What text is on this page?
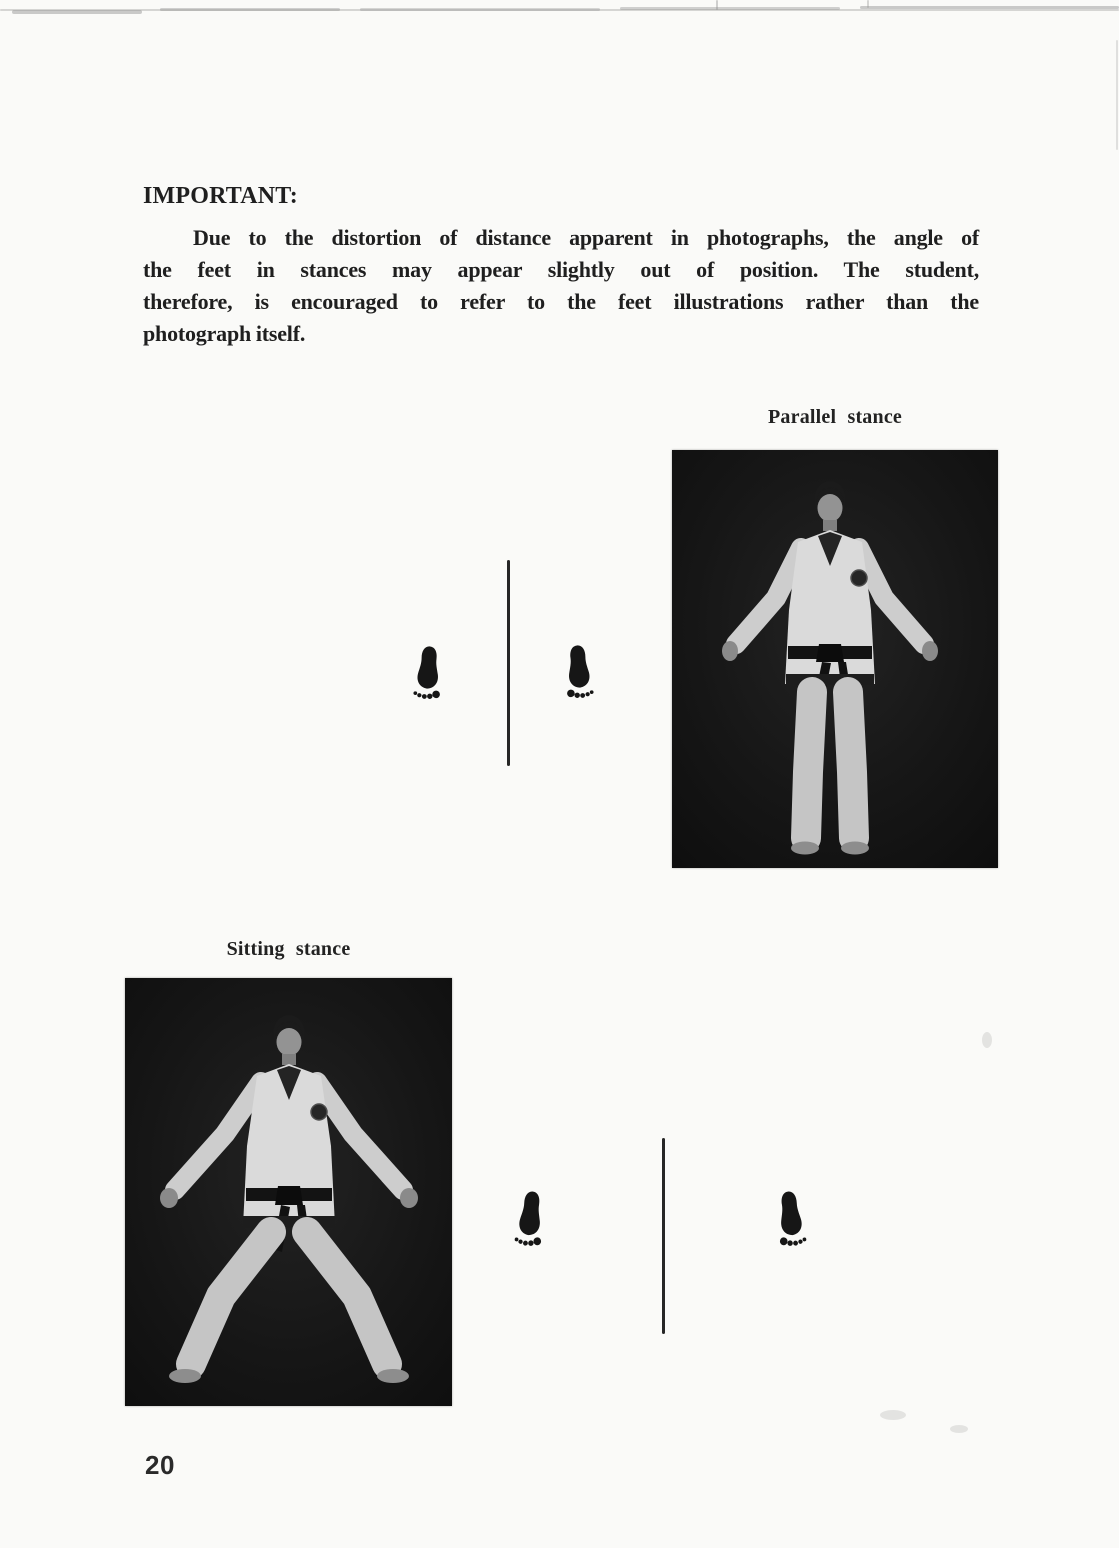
IMPORTANT:
Due to the distortion of distance apparent in photographs, the angle of
the feet in stances may appear slightly out of position. The student,
therefore, is encouraged to refer to the feet illustrations rather than the
photograph itself.
Parallel stance
Sitting stance
20
